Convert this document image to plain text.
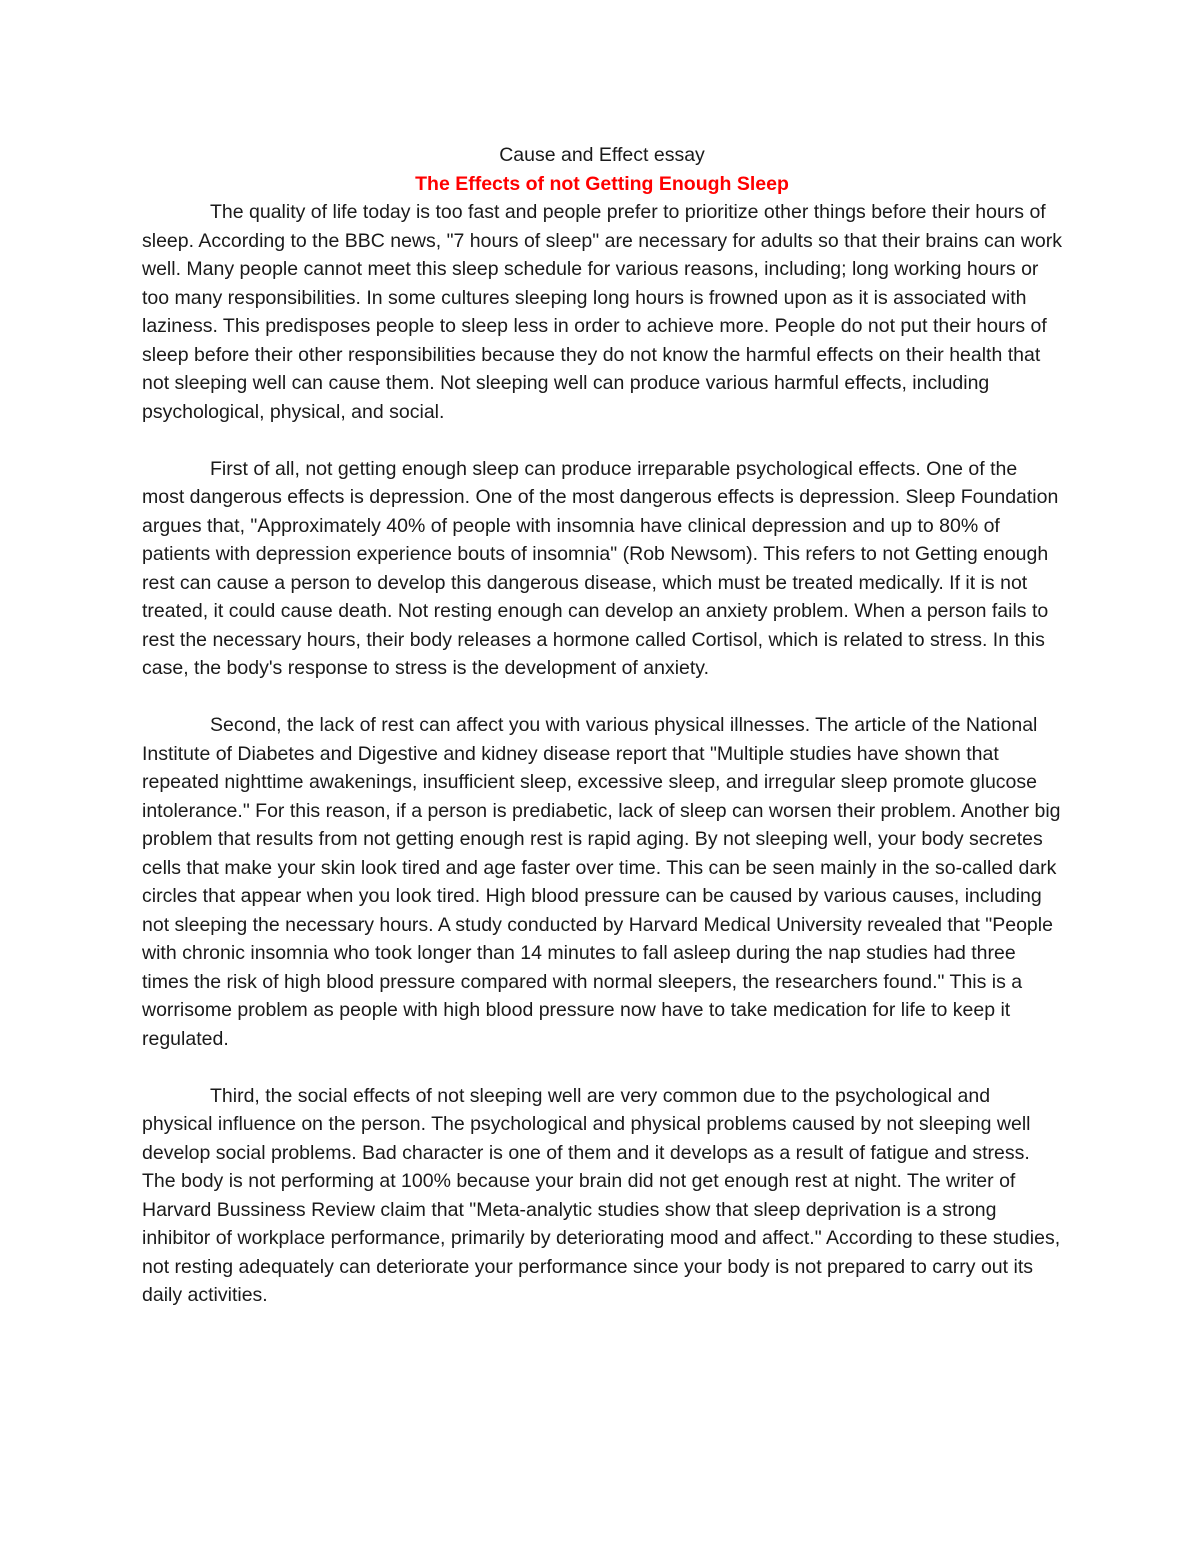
Cause and Effect essay

The Effects of not Getting Enough Sleep

The quality of life today is too fast and people prefer to prioritize other things before their hours of sleep. According to the BBC news, "7 hours of sleep" are necessary for adults so that their brains can work well. Many people cannot meet this sleep schedule for various reasons, including; long working hours or too many responsibilities. In some cultures sleeping long hours is frowned upon as it is associated with laziness. This predisposes people to sleep less in order to achieve more. People do not put their hours of sleep before their other responsibilities because they do not know the harmful effects on their health that not sleeping well can cause them. Not sleeping well can produce various harmful effects, including psychological, physical, and social.

First of all, not getting enough sleep can produce irreparable psychological effects. One of the most dangerous effects is depression. One of the most dangerous effects is depression. Sleep Foundation argues that, "Approximately 40% of people with insomnia have clinical depression and up to 80% of patients with depression experience bouts of insomnia" (Rob Newsom). This refers to not Getting enough rest can cause a person to develop this dangerous disease, which must be treated medically. If it is not treated, it could cause death. Not resting enough can develop an anxiety problem. When a person fails to rest the necessary hours, their body releases a hormone called Cortisol, which is related to stress. In this case, the body's response to stress is the development of anxiety.

Second, the lack of rest can affect you with various physical illnesses. The article of the National Institute of Diabetes and Digestive and kidney disease report that "Multiple studies have shown that repeated nighttime awakenings, insufficient sleep, excessive sleep, and irregular sleep promote glucose intolerance." For this reason, if a person is prediabetic, lack of sleep can worsen their problem. Another big problem that results from not getting enough rest is rapid aging. By not sleeping well, your body secretes cells that make your skin look tired and age faster over time. This can be seen mainly in the so-called dark circles that appear when you look tired. High blood pressure can be caused by various causes, including not sleeping the necessary hours. A study conducted by Harvard Medical University revealed that "People with chronic insomnia who took longer than 14 minutes to fall asleep during the nap studies had three times the risk of high blood pressure compared with normal sleepers, the researchers found." This is a worrisome problem as people with high blood pressure now have to take medication for life to keep it regulated.

Third, the social effects of not sleeping well are very common due to the psychological and physical influence on the person. The psychological and physical problems caused by not sleeping well develop social problems. Bad character is one of them and it develops as a result of fatigue and stress. The body is not performing at 100% because your brain did not get enough rest at night. The writer of Harvard Bussiness Review claim that "Meta-analytic studies show that sleep deprivation is a strong inhibitor of workplace performance, primarily by deteriorating mood and affect." According to these studies, not resting adequately can deteriorate your performance since your body is not prepared to carry out its daily activities.
